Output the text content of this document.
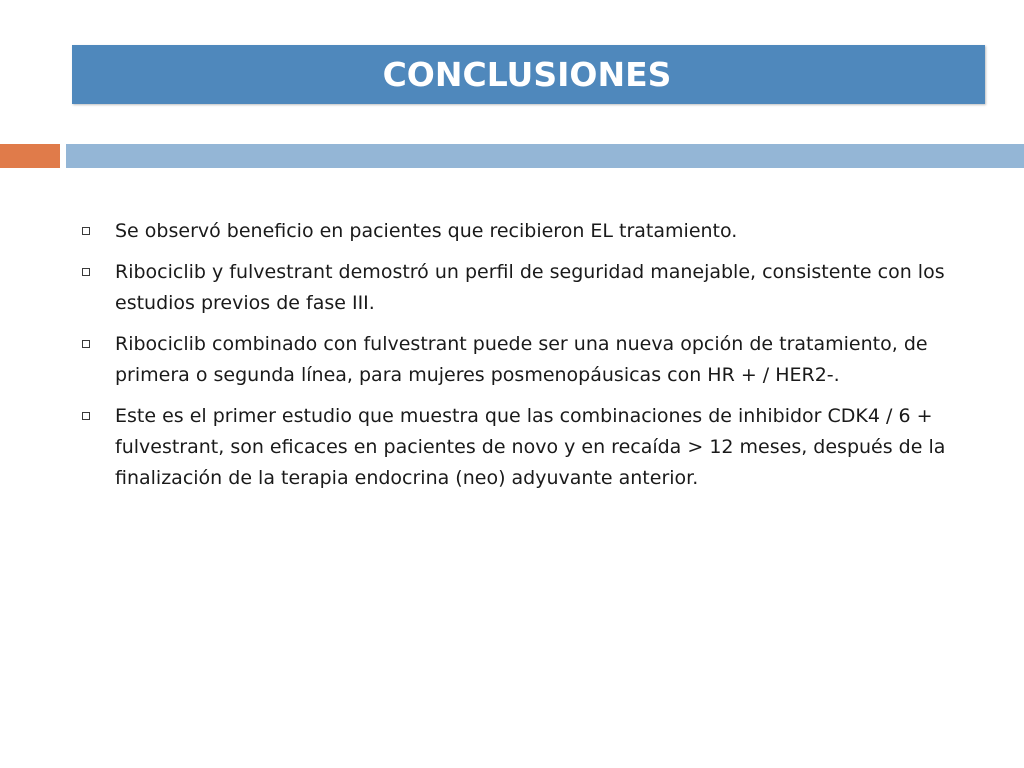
CONCLUSIONES
Se observó beneficio en pacientes que recibieron EL tratamiento.
Ribociclib y fulvestrant demostró un perfil de seguridad manejable, consistente con los estudios previos de fase III.
Ribociclib combinado con fulvestrant puede ser una nueva opción de tratamiento, de primera o segunda línea, para mujeres posmenopáusicas con HR + / HER2-.
Este es el primer estudio que muestra que las combinaciones de inhibidor CDK4 / 6 + fulvestrant, son eficaces en pacientes de novo y en recaída > 12 meses, después de la finalización de la terapia endocrina (neo) adyuvante anterior.
